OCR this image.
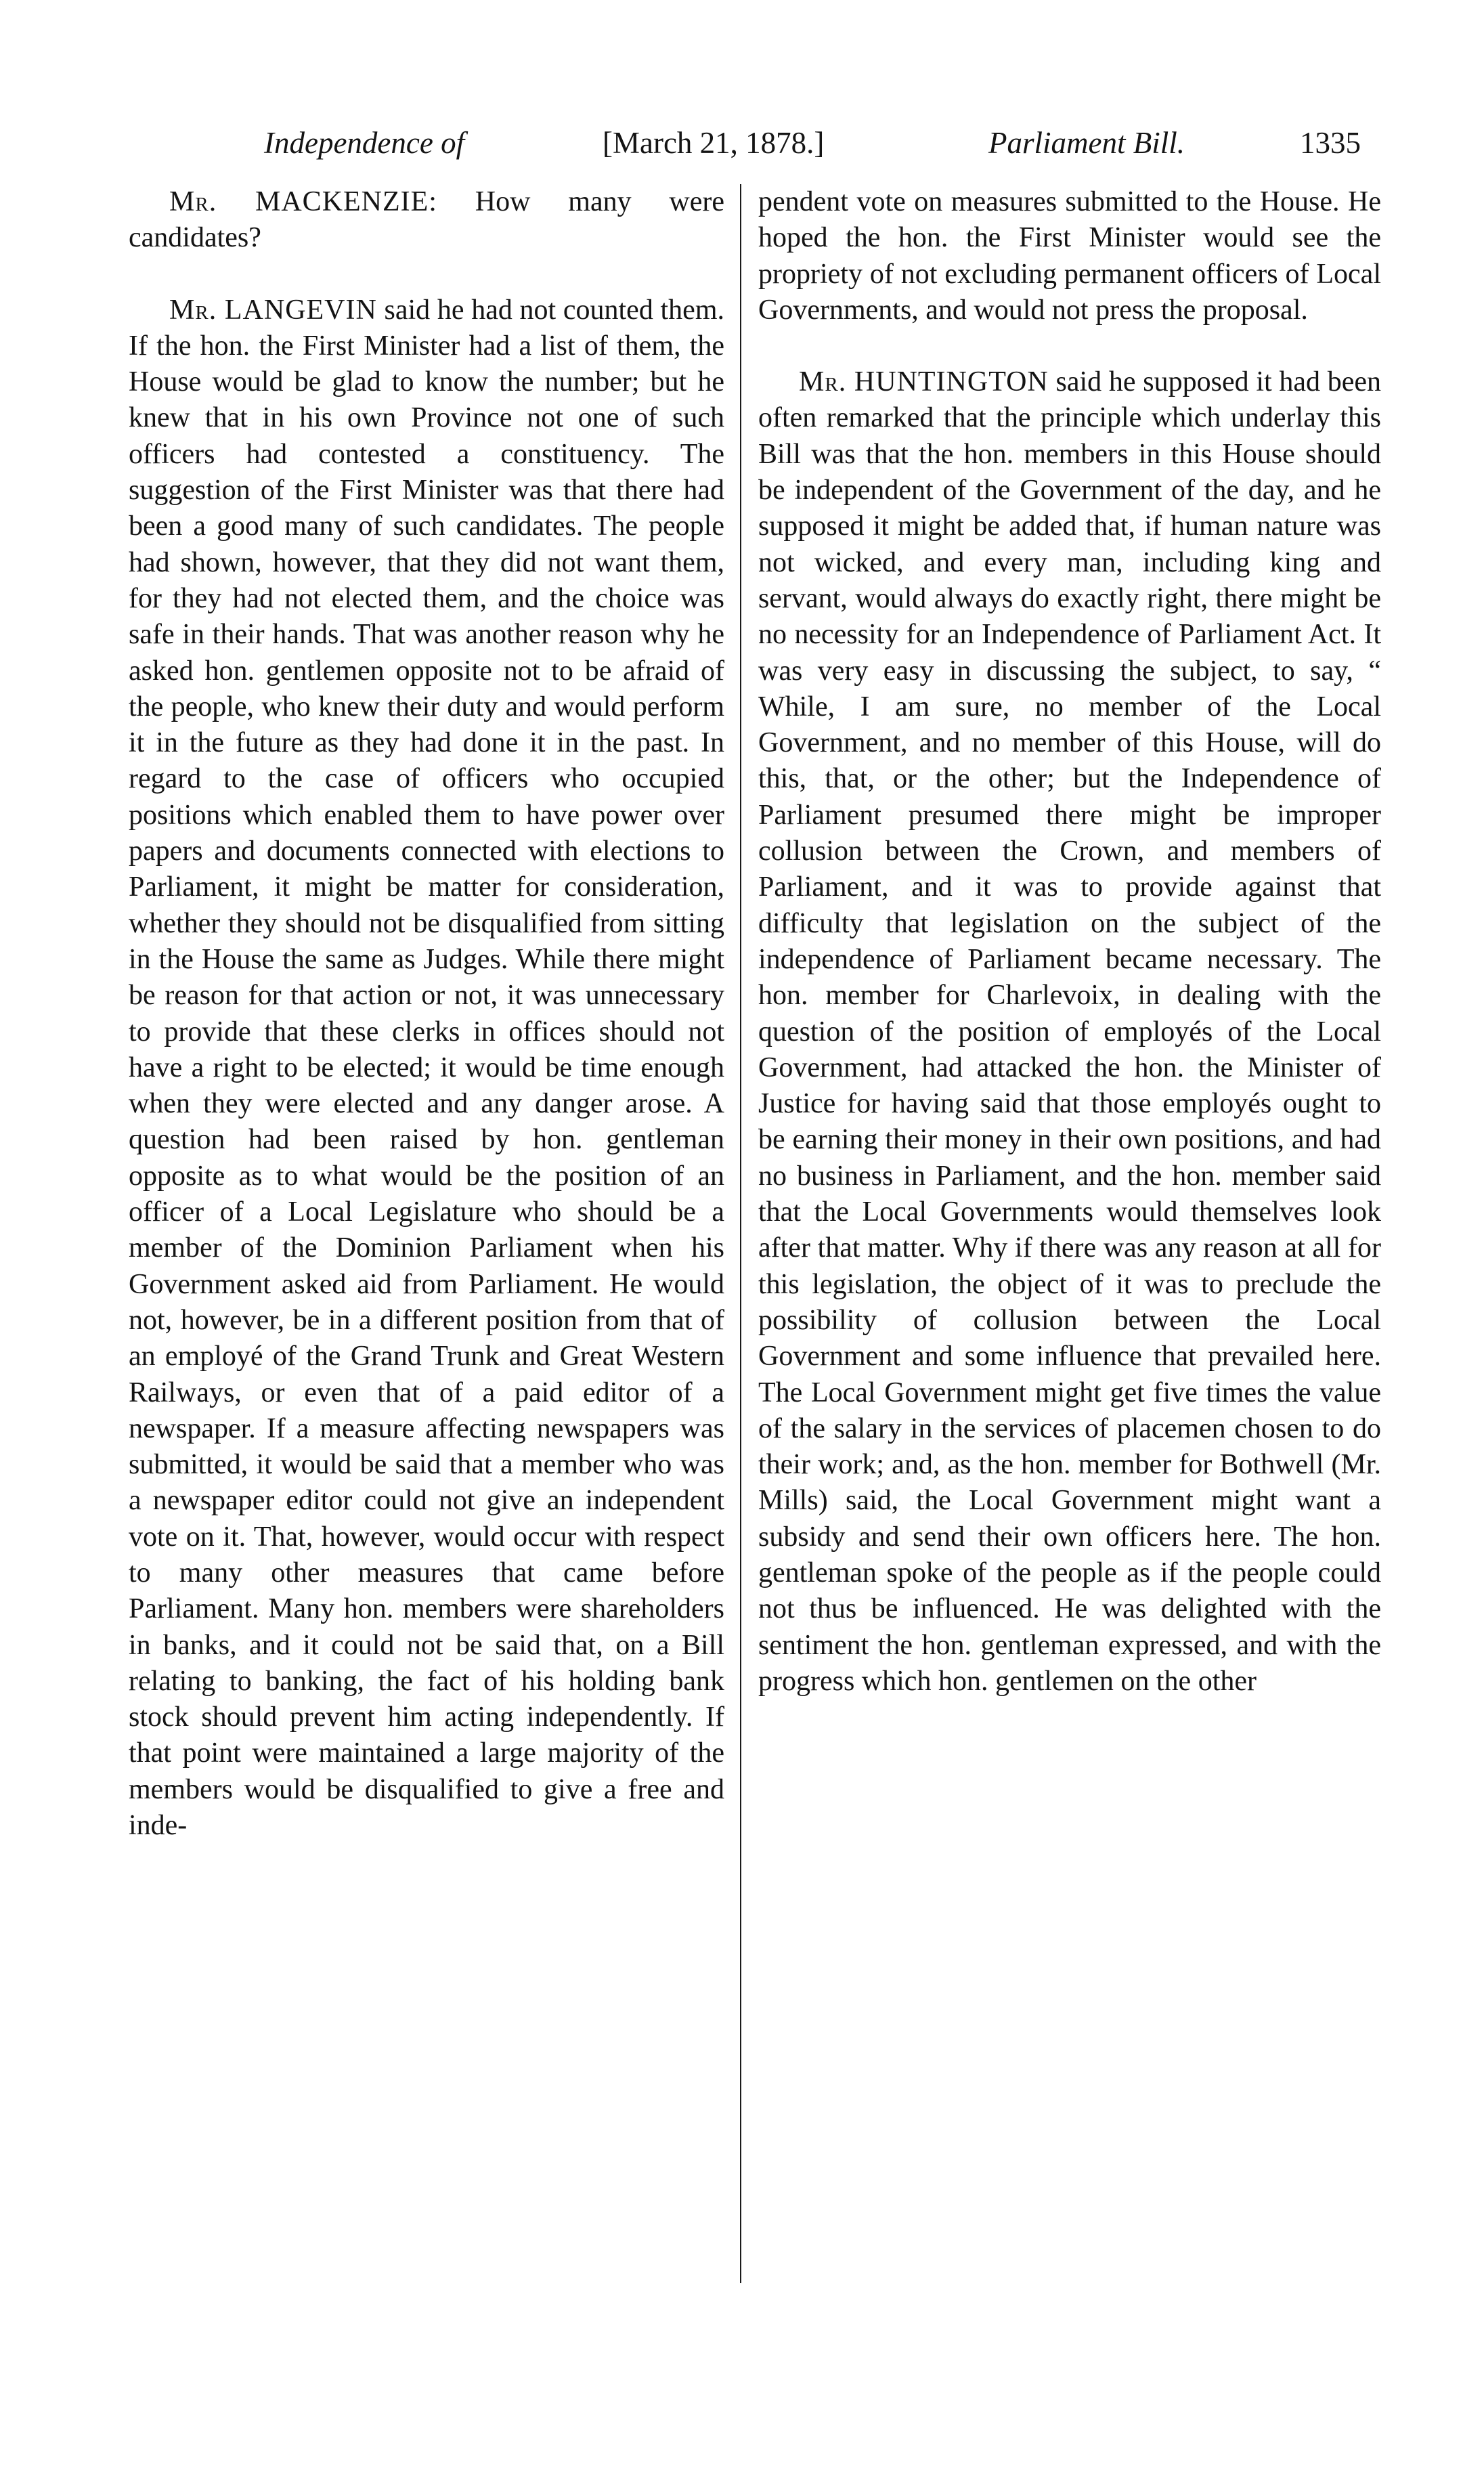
Independence of	[March 21, 1878.]	Parliament Bill.	1335

Mr. MACKENZIE: How many were candidates?

Mr. LANGEVIN said he had not counted them. If the hon. the First Minister had a list of them, the House would be glad to know the number; but he knew that in his own Province not one of such officers had contested a constituency. The suggestion of the First Minister was that there had been a good many of such candidates. The people had shown, however, that they did not want them, for they had not elected them, and the choice was safe in their hands. That was another reason why he asked hon. gentlemen opposite not to be afraid of the people, who knew their duty and would perform it in the future as they had done it in the past. In regard to the case of officers who occupied positions which enabled them to have power over papers and documents connected with elections to Parliament, it might be matter for consideration, whether they should not be disqualified from sitting in the House the same as Judges. While there might be reason for that action or not, it was unnecessary to provide that these clerks in offices should not have a right to be elected; it would be time enough when they were elected and any danger arose. A question had been raised by hon. gentleman opposite as to what would be the position of an officer of a Local Legislature who should be a member of the Dominion Parliament when his Government asked aid from Parliament. He would not, however, be in a different position from that of an employé of the Grand Trunk and Great Western Railways, or even that of a paid editor of a newspaper. If a measure affecting newspapers was submitted, it would be said that a member who was a newspaper editor could not give an independent vote on it. That, however, would occur with respect to many other measures that came before Parliament. Many hon. members were shareholders in banks, and it could not be said that, on a Bill relating to banking, the fact of his holding bank stock should prevent him acting independently. If that point were maintained a large majority of the members would be disqualified to give a free and inde-

pendent vote on measures submitted to the House. He hoped the hon. the First Minister would see the propriety of not excluding permanent officers of Local Governments, and would not press the proposal.

Mr. HUNTINGTON said he supposed it had been often remarked that the principle which underlay this Bill was that the hon. members in this House should be independent of the Government of the day, and he supposed it might be added that, if human nature was not wicked, and every man, including king and servant, would always do exactly right, there might be no necessity for an Independence of Parliament Act. It was very easy in discussing the subject, to say, “ While, I am sure, no member of the Local Government, and no member of this House, will do this, that, or the other; but the Independence of Parliament presumed there might be improper collusion between the Crown, and members of Parliament, and it was to provide against that difficulty that legislation on the subject of the independence of Parliament became necessary. The hon. member for Charlevoix, in dealing with the question of the position of employés of the Local Government, had attacked the hon. the Minister of Justice for having said that those employés ought to be earning their money in their own positions, and had no business in Parliament, and the hon. member said that the Local Governments would themselves look after that matter. Why if there was any reason at all for this legislation, the object of it was to preclude the possibility of collusion between the Local Government and some influence that prevailed here. The Local Government might get five times the value of the salary in the services of placemen chosen to do their work; and, as the hon. member for Bothwell (Mr. Mills) said, the Local Government might want a subsidy and send their own officers here. The hon. gentleman spoke of the people as if the people could not thus be influenced. He was delighted with the sentiment the hon. gentleman expressed, and with the progress which hon. gentlemen on the other
